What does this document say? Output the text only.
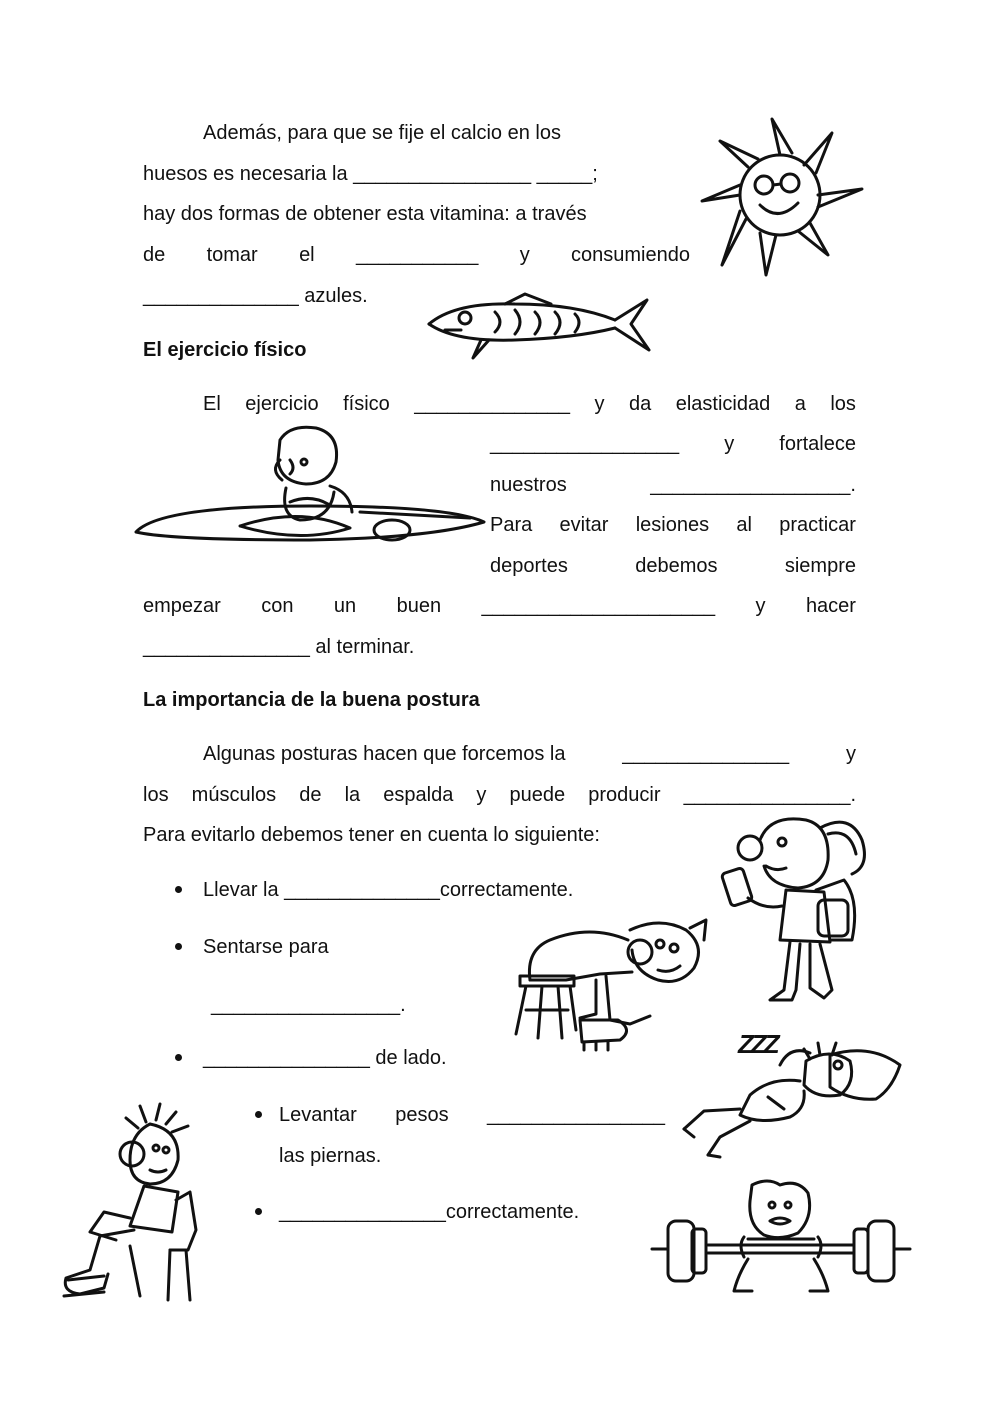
Además, para que se fije el calcio en los
huesos es necesaria la ________________ _____;
hay dos formas de obtener esta vitamina: a través
de tomar el ___________ y consumiendo
______________ azules.
El ejercicio físico
El ejercicio físico ______________ y da elasticidad a los
_________________ y fortalece
nuestros	__________________.
Para evitar lesiones al practicar
deportes	debemos	siempre
empezar con un buen _____________________ y hacer
_______________ al terminar.
La importancia de la buena postura
Algunas posturas hacen que forcemos la	_______________	y
los músculos de la espalda y puede producir _______________.
Para evitarlo debemos tener en cuenta lo siguiente:
Llevar la ______________correctamente.
Sentarse para
_________________.
_______________ de lado.
Levantar pesos ________________
las piernas.
_______________correctamente.
ZZZ
